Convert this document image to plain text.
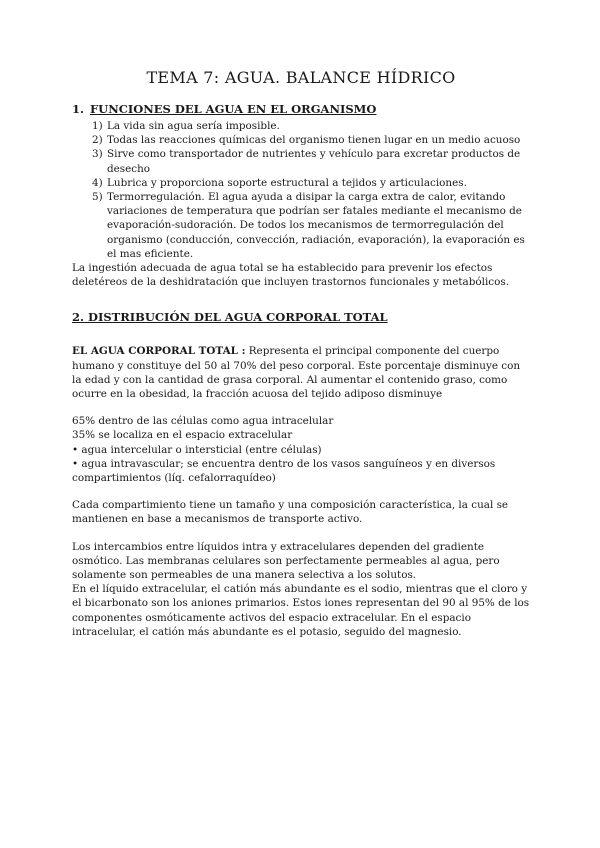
TEMA 7: AGUA. BALANCE HÍDRICO
1. FUNCIONES DEL AGUA EN EL ORGANISMO
1) La vida sin agua sería imposible.
2) Todas las reacciones químicas del organismo tienen lugar en un medio acuoso
3) Sirve como transportador de nutrientes y vehículo para excretar productos de desecho
4) Lubrica y proporciona soporte estructural a tejidos y articulaciones.
5) Termorregulación. El agua ayuda a disipar la carga extra de calor, evitando variaciones de temperatura que podrían ser fatales mediante el mecanismo de evaporación-sudoración. De todos los mecanismos de termorregulación del organismo (conducción, convección, radiación, evaporación), la evaporación es el mas eficiente.

La ingestión adecuada de agua total se ha establecido para prevenir los efectos deletéreos de la deshidratación que incluyen trastornos funcionales y metabólicos.

2. DISTRIBUCIÓN DEL AGUA CORPORAL TOTAL

EL AGUA CORPORAL TOTAL : Representa el principal componente del cuerpo humano y constituye del 50 al 70% del peso corporal. Este porcentaje disminuye con la edad y con la cantidad de grasa corporal. Al aumentar el contenido graso, como ocurre en la obesidad, la fracción acuosa del tejido adiposo disminuye

65% dentro de las células como agua intracelular

35% se localiza en el espacio extracelular

• agua intercelular o intersticial (entre células)

• agua intravascular; se encuentra dentro de los vasos sanguíneos y en diversos compartimientos (líq. cefalorraquídeo)

Cada compartimiento tiene un tamaño y una composición característica, la cual se mantienen en base a mecanismos de transporte activo.

Los intercambios entre líquidos intra y extracelulares dependen del gradiente osmótico. Las membranas celulares son perfectamente permeables al agua, pero solamente son permeables de una manera selectiva a los solutos.

En el líquido extracelular, el catión más abundante es el sodio, mientras que el cloro y el bicarbonato son los aniones primarios. Estos iones representan del 90 al 95% de los componentes osmóticamente activos del espacio extracelular. En el espacio intracelular, el catión más abundante es el potasio, seguido del magnesio.
